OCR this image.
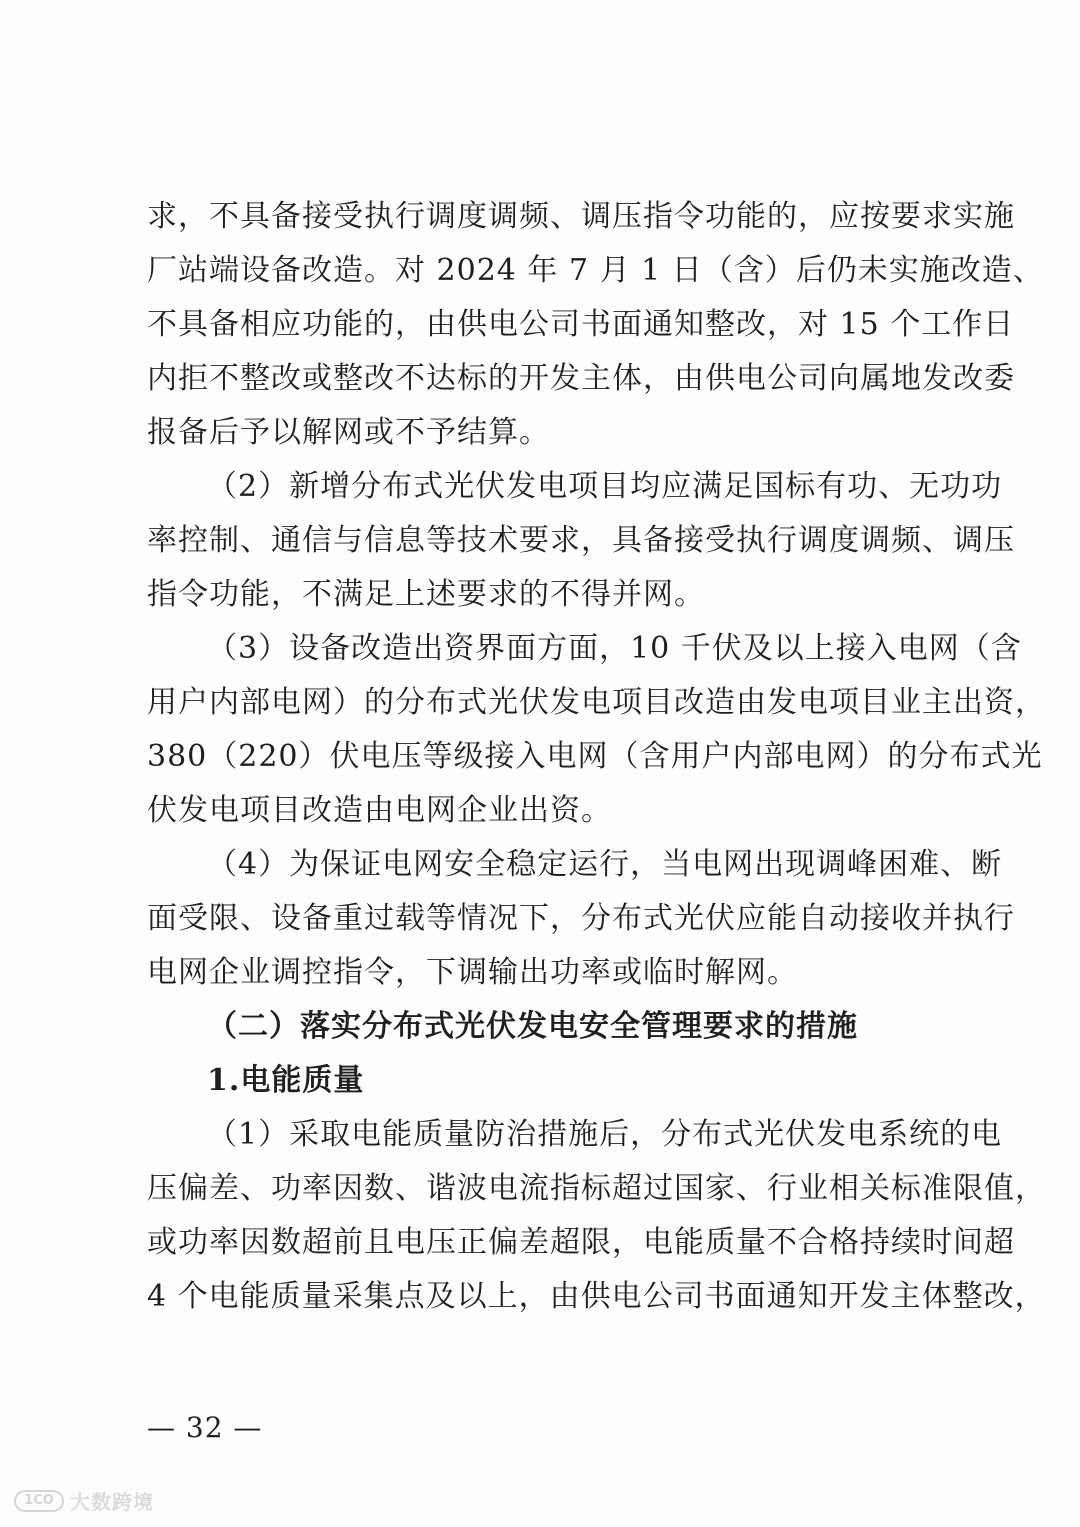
求，不具备接受执行调度调频、调压指令功能的，应按要求实施
厂站端设备改造。对 2024 年 7 月 1 日（含）后仍未实施改造、
不具备相应功能的，由供电公司书面通知整改，对 15 个工作日
内拒不整改或整改不达标的开发主体，由供电公司向属地发改委
报备后予以解网或不予结算。
（2）新增分布式光伏发电项目均应满足国标有功、无功功
率控制、通信与信息等技术要求，具备接受执行调度调频、调压
指令功能，不满足上述要求的不得并网。
（3）设备改造出资界面方面，10 千伏及以上接入电网（含
用户内部电网）的分布式光伏发电项目改造由发电项目业主出资，
380（220）伏电压等级接入电网（含用户内部电网）的分布式光
伏发电项目改造由电网企业出资。
（4）为保证电网安全稳定运行，当电网出现调峰困难、断
面受限、设备重过载等情况下，分布式光伏应能自动接收并执行
电网企业调控指令，下调输出功率或临时解网。
（二）落实分布式光伏发电安全管理要求的措施
1.电能质量
（1）采取电能质量防治措施后，分布式光伏发电系统的电
压偏差、功率因数、谐波电流指标超过国家、行业相关标准限值，
或功率因数超前且电压正偏差超限，电能质量不合格持续时间超
4 个电能质量采集点及以上，由供电公司书面通知开发主体整改，
— 32 —
1CO 大数跨境
